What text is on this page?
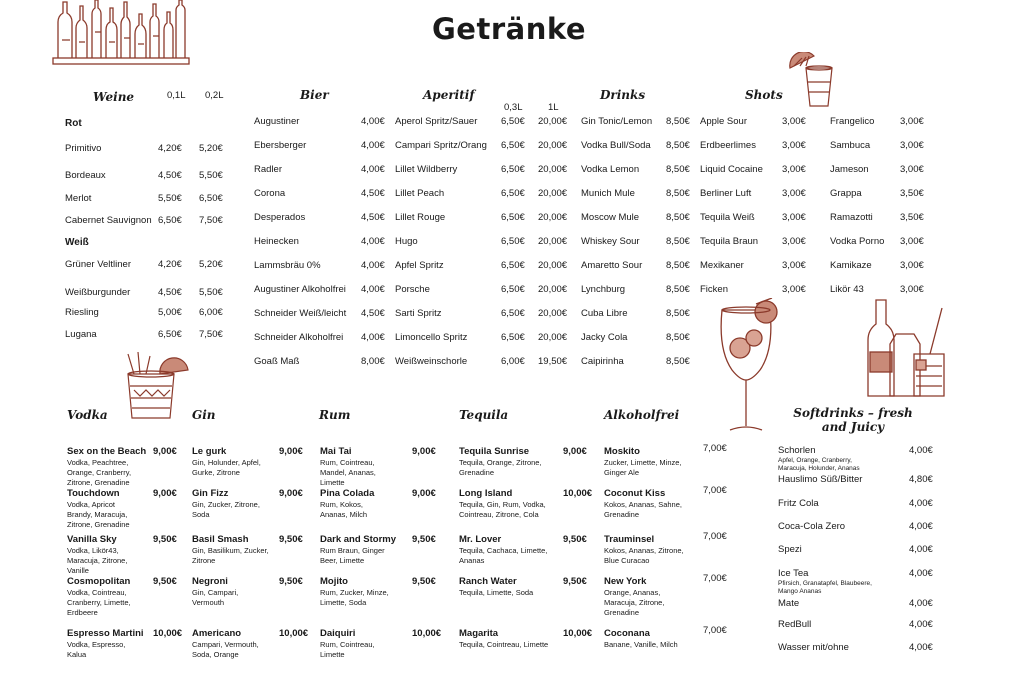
Getränke
Weine	0,1L 0,2L
Rot
Weiß
Primitivo	4,20€ 5,20€
Bordeaux	4,50€ 5,50€
Merlot	5,50€ 6,50€
Cabernet Sauvignon 6,50€ 7,50€
Grüner Veltliner	4,20€ 5,20€
Weißburgunder	4,50€ 5,50€
Riesling	5,00€ 6,00€
Lugana	6,50€ 7,50€
Bier
Augustiner	4,00€
Ebersberger	4,00€
Radler	4,00€
Corona	4,50€
Desperados	4,50€
Heinecken	4,00€
Lammsbräu 0%	4,00€
Augustiner Alkoholfrei 4,00€
Schneider Weiß/leicht 4,50€
Schneider Alkoholfrei 4,00€
Goaß Maß	8,00€
Aperitif
0,3L	1L
Aperol Spritz/Sauer 6,50€ 20,00€
Campari Spritz/Orang 6,50€ 20,00€
Lillet Wildberry	6,50€ 20,00€
Lillet Peach	6,50€ 20,00€
Lillet Rouge	6,50€ 20,00€
Hugo	6,50€ 20,00€
Apfel Spritz	6,50€ 20,00€
Porsche	6,50€ 20,00€
Sarti Spritz	6,50€ 20,00€
Limoncello Spritz	6,50€ 20,00€
Weißweinschorle	6,00€ 19,50€
Drinks
Gin Tonic/Lemon 8,50€
Vodka Bull/Soda 8,50€
Vodka Lemon	8,50€
Munich Mule	8,50€
Moscow Mule	8,50€
Whiskey Sour	8,50€
Amaretto Sour	8,50€
Lynchburg	8,50€
Cuba Libre	8,50€
Jacky Cola	8,50€
Caipirinha	8,50€
Shots
Apple Sour	3,00€
Erdbeerlimes	3,00€
Liquid Cocaine 3,00€
Berliner Luft	3,00€
Tequila Weiß	3,00€
Tequila Braun	3,00€
Mexikaner	3,00€
Ficken	3,00€
Frangelico	3,00€
Sambuca	3,00€
Jameson	3,00€
Grappa	3,50€
Ramazotti	3,50€
Vodka Porno 3,00€
Kamikaze	3,00€
Likör 43	3,00€
Vodka	Gin	Rum	Tequila	Alkoholfrei	Softdrinks – fresh and Juicy
Sex on the Beach 9,00€
Vodka, Peachtree, Orange, Cranberry, Zitrone, Grenadine
Touchdown	9,00€
Vodka, Apricot Brandy, Maracuja, Zitrone, Grenadine
Vanilla Sky	9,50€
Vodka, Likör43, Maracuja, Zitrone, Vanille
Cosmopolitan 9,50€
Vodka, Cointreau, Cranberry, Limette, Erdbeere
Espresso Martini 10,00€
Vodka, Espresso, Kalua
Le gurk	9,00€
Gin, Holunder, Apfel, Gurke, Zitrone
Gin Fizz	9,00€
Gin, Zucker, Zitrone, Soda
Basil Smash	9,50€
Gin, Basilikum, Zucker, Zitrone
Negroni	9,50€
Gin, Campari, Vermouth
Americano	10,00€
Campari, Vermouth, Soda, Orange
Mai Tai	9,00€
Rum, Cointreau, Mandel, Ananas, Limette
Pina Colada	9,00€
Rum, Kokos, Ananas, Milch
Dark and Stormy 9,50€
Rum Braun, Ginger Beer, Limette
Mojito	9,50€
Rum, Zucker, Minze, Limette, Soda
Daiquiri	10,00€
Rum, Cointreau, Limette
Tequila Sunrise	9,00€
Tequila, Orange, Zitrone, Grenadine
Long Island	10,00€
Tequila, Gin, Rum, Vodka, Cointreau, Zitrone, Cola
Mr. Lover	9,50€
Tequila, Cachaca, Limette, Ananas
Ranch Water	9,50€
Tequila, Limette, Soda
Magarita	10,00€
Tequila, Cointreau, Limette
Moskito	7,00€
Zucker, Limette, Minze, Ginger Ale
Coconut Kiss	7,00€
Kokos, Ananas, Sahne, Grenadine
Trauminsel	7,00€
Kokos, Ananas, Zitrone, Blue Curacao
New York	7,00€
Orange, Ananas, Maracuja, Zitrone, Grenadine
Coconana	7,00€
Banane, Vanille, Milch
Schorlen	4,00€
Apfel, Orange, Cranberry, Maracuja, Holunder, Ananas
Hauslimo Süß/Bitter	4,80€
Fritz Cola	4,00€
Coca-Cola Zero	4,00€
Spezi	4,00€
Ice Tea	4,00€
Pfirsich, Granatapfel, Blaubeere, Mango Ananas
Mate	4,00€
RedBull	4,00€
Wasser mit/ohne	4,00€
